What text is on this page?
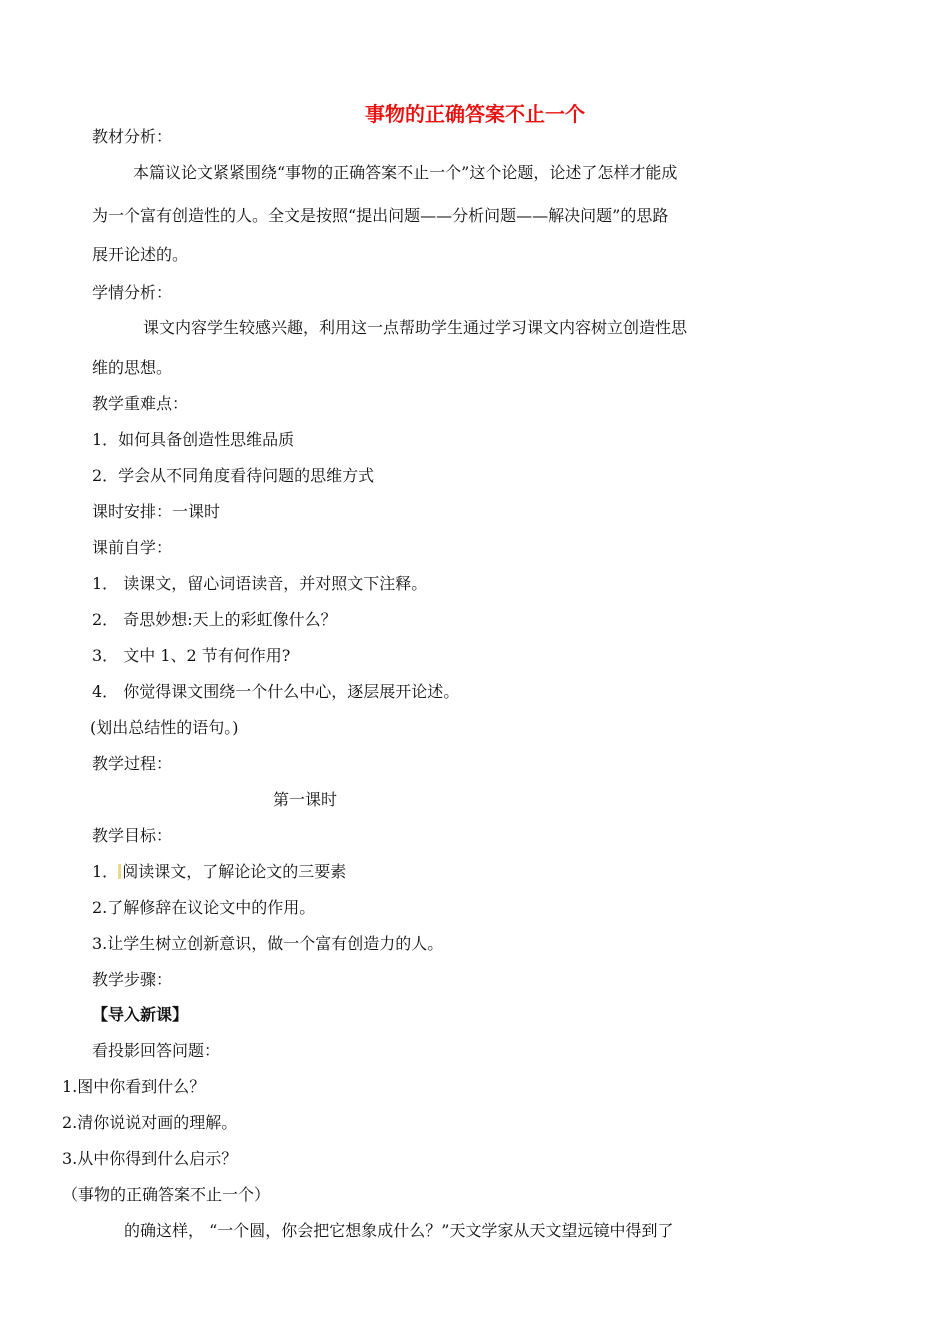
事物的正确答案不止一个
教材分析：
本篇议论文紧紧围绕“事物的正确答案不止一个”这个论题，论述了怎样才能成
为一个富有创造性的人。全文是按照“提出问题——分析问题——解决问题”的思路
展开论述的。
学情分析：
课文内容学生较感兴趣，利用这一点帮助学生通过学习课文内容树立创造性思
维的思想。
教学重难点：
1．如何具备创造性思维品质
2．学会从不同角度看待问题的思维方式
课时安排：一课时
课前自学：
1． 读课文，留心词语读音，并对照文下注释。
2． 奇思妙想:天上的彩虹像什么？
3． 文中 1、2 节有何作用?
4． 你觉得课文围绕一个什么中心，逐层展开论述。
(划出总结性的语句。)
教学过程：
第一课时
教学目标：
1． 阅读课文，了解论论文的三要素
2.了解修辞在议论文中的作用。
3.让学生树立创新意识，做一个富有创造力的人。
教学步骤：
【导入新课】
看投影回答问题：
1.图中你看到什么？
2.清你说说对画的理解。
3.从中你得到什么启示？
（事物的正确答案不止一个）
的确这样， “一个圆，你会把它想象成什么？”天文学家从天文望远镜中得到了
